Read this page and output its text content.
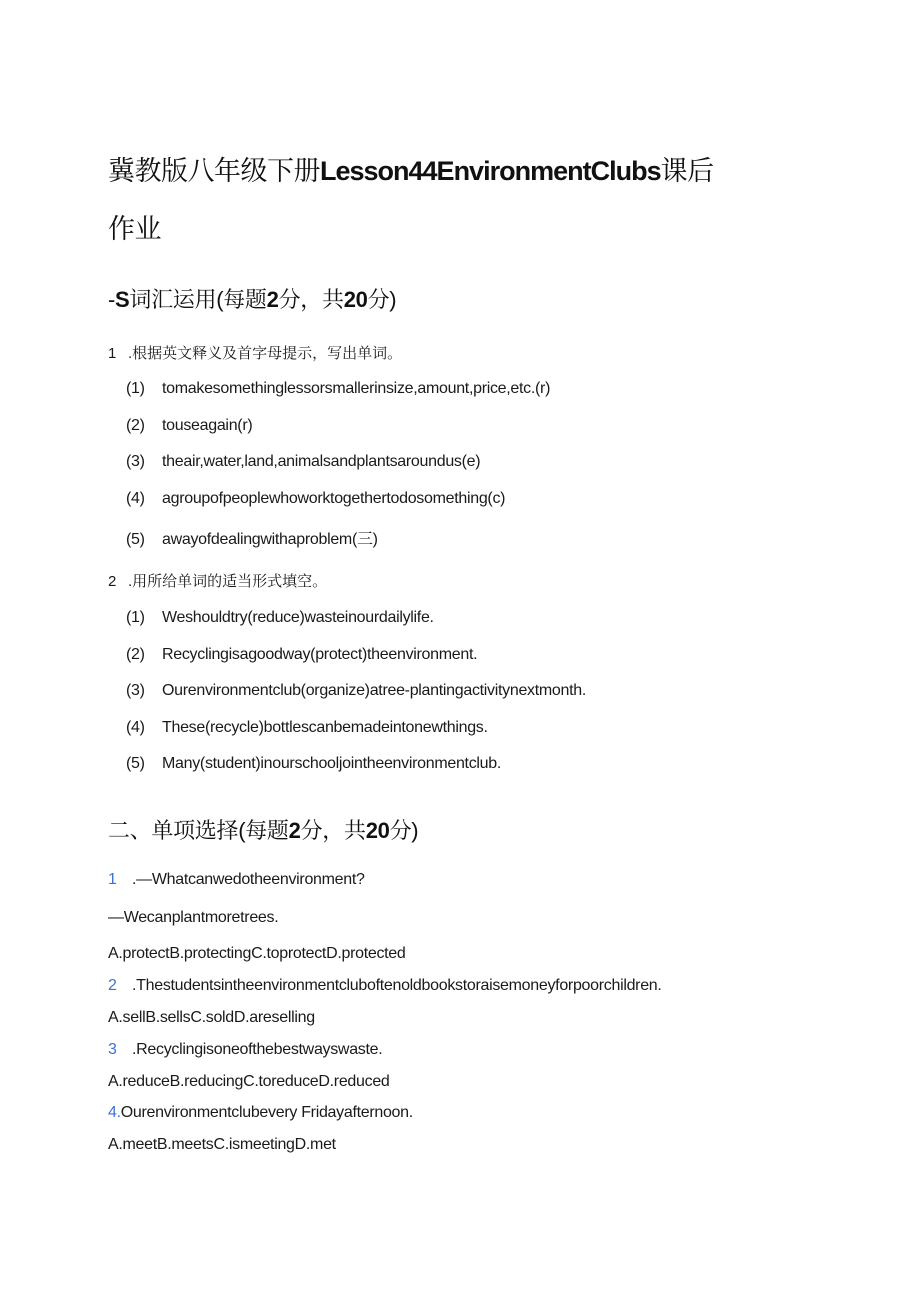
冀教版八年级下册Lesson44EnvironmentClubs课后
作业
-S词汇运用(每题2分，共20分)
1 .根据英文释义及首字母提示，写出单词。
(1) tomakesomethinglessorsmallerinsize,amount,price,etc.(r)
(2) touseagain(r)
(3) theair,water,land,animalsandplantsaroundus(e)
(4) agroupofpeoplewhoworktogethertodosomething(c)
(5) awayofdealingwithaproblem(三)
2 .用所给单词的适当形式填空。
(1) Weshouldtry(reduce)wasteinourdailylife.
(2) Recyclingisagoodway(protect)theenvironment.
(3) Ourenvironmentclub(organize)atree-plantingactivitynextmonth.
(4) These(recycle)bottlescanbemadeintonewthings.
(5) Many(student)inourschooljointheenvironmentclub.
二、单项选择(每题2分，共20分)
1 .—Whatcanwedotheenvironment?
—Wecanplantmoretrees.
A.protectB.protectingC.toprotectD.protected
2 .Thestudentsintheenvironmentcluboftenoldbookstoraisemoneyforpoorchildren.
A.sellB.sellsC.soldD.areselling
3 .Recyclingisoneofthebestwayswaste.
A.reduceB.reducingC.toreduceD.reduced
4.Ourenvironmentclubevery Fridayafternoon.
A.meetB.meetsC.ismeetingD.met
